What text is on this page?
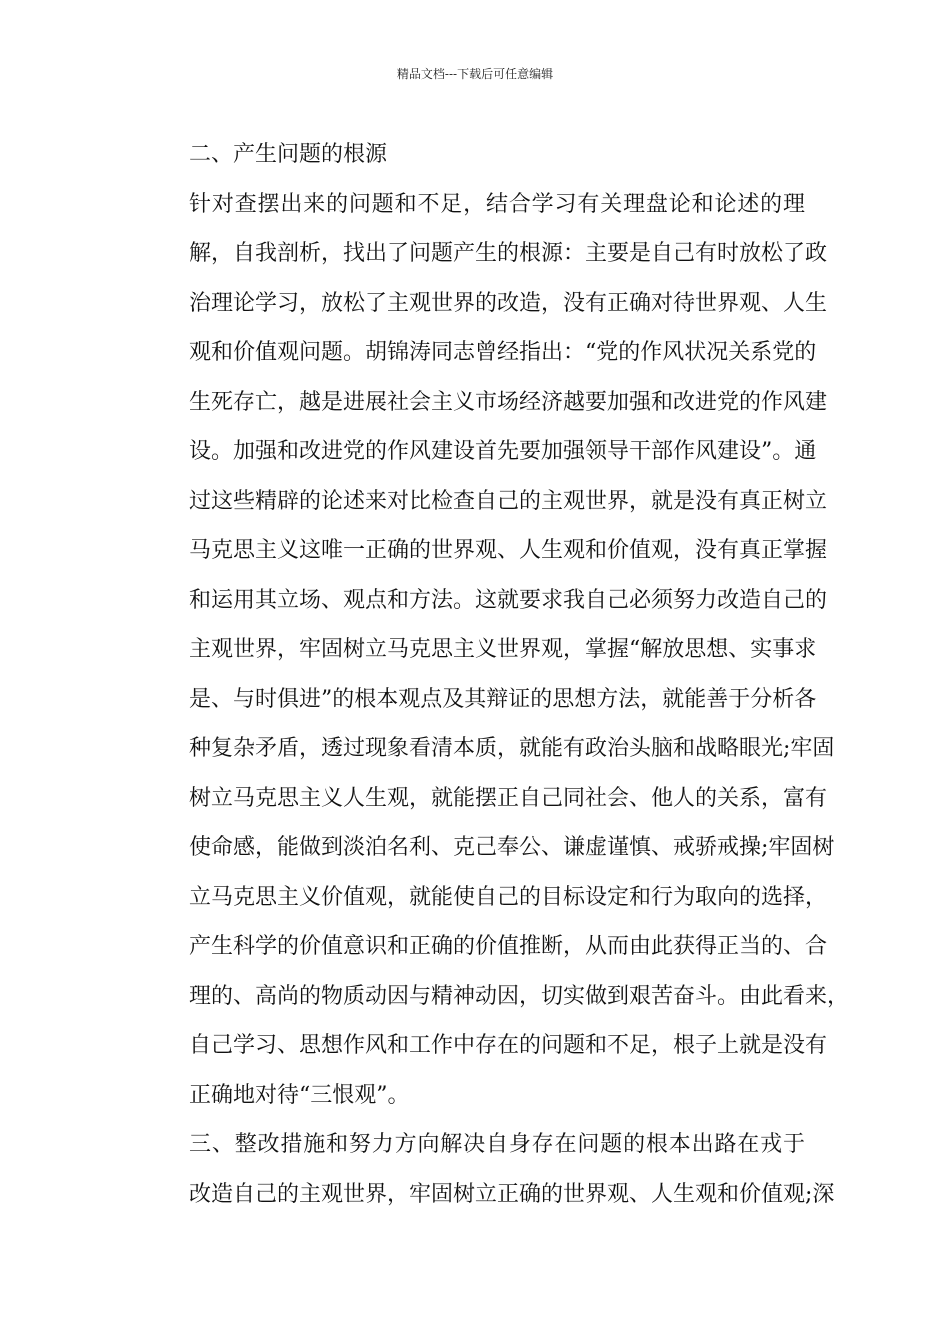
精品文档---下载后可任意编辑

二、产生问题的根源

针对查摆出来的问题和不足，结合学习有关理盘论和论述的理
解，自我剖析，找出了问题产生的根源：主要是自己有时放松了政
治理论学习，放松了主观世界的改造，没有正确对待世界观、人生
观和价值观问题。胡锦涛同志曾经指出：“党的作风状况关系党的
生死存亡，越是进展社会主义市场经济越要加强和改进党的作风建
设。加强和改进党的作风建设首先要加强领导干部作风建设”。通
过这些精辟的论述来对比检查自己的主观世界，就是没有真正树立
马克思主义这唯一正确的世界观、人生观和价值观，没有真正掌握
和运用其立场、观点和方法。这就要求我自己必须努力改造自己的
主观世界，牢固树立马克思主义世界观，掌握“解放思想、实事求
是、与时俱进”的根本观点及其辩证的思想方法，就能善于分析各
种复杂矛盾，透过现象看清本质，就能有政治头脑和战略眼光;牢固
树立马克思主义人生观，就能摆正自己同社会、他人的关系，富有
使命感，能做到淡泊名利、克己奉公、谦虚谨慎、戒骄戒操;牢固树
立马克思主义价值观，就能使自己的目标设定和行为取向的选择，
产生科学的价值意识和正确的价值推断，从而由此获得正当的、合
理的、高尚的物质动因与精神动因，切实做到艰苦奋斗。由此看来，
自己学习、思想作风和工作中存在的问题和不足，根子上就是没有
正确地对待“三恨观”。

三、整改措施和努力方向解决自身存在问题的根本出路在戎于
改造自己的主观世界，牢固树立正确的世界观、人生观和价值观;深
